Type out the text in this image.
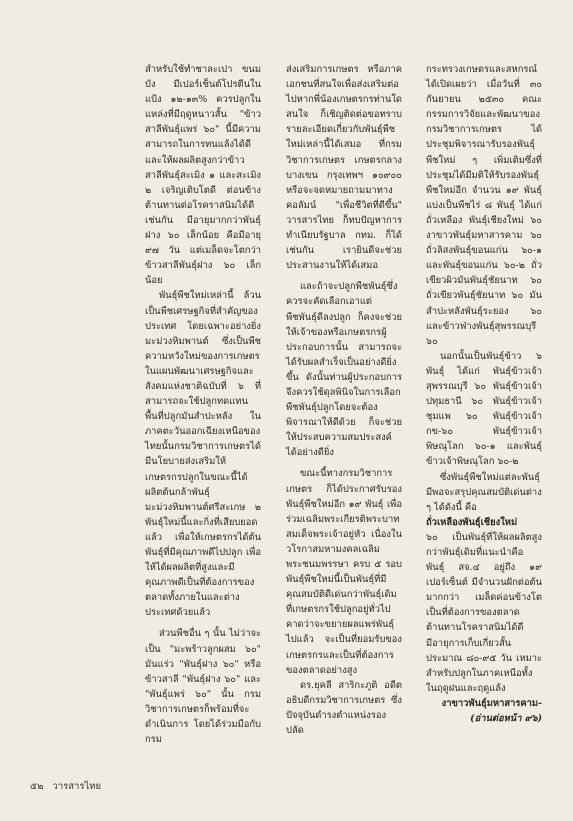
สำหรับใช้ทำชาละเปา ขนมบัง มีเปอร์เซ็นต์โปรตีนในแป้ง ๑๒-๑๓% ควรปลูกในแหล่งที่มีฤดูหนาวสั้น "ข้าวสาลีพันธุ์แพร่ ๖๐" นี้มีความสามารถในการทนแล้งได้ดี และให้ผลผลิตสูงกว่าข้าวสาลีพันธุ์สะเมิง ๑ และสะเมิง ๒ เจริญเติบโตดี ต่อนข้างต้านทานต่อโรคราสนิมได้ดีเช่นกัน มีอายุมากกว่าพันธุ์ฝาง ๖๐ เล็กน้อย คือมีอายุ ๙๗ วัน แต่เมล็ดจะโตกว่าข้าวสาลีพันธุ์ฝาง ๖๐ เล็กน้อย

พันธุ์พืชใหม่เหล่านี้ ล้วนเป็นพืชเศรษฐกิจที่สำคัญของประเทศ โดยเฉพาะอย่างยิ่งมะม่วงหิมพานต์ ซึ่งเป็นพืชความหวังใหม่ของการเกษตรในแผนพัฒนาเศรษฐกิจและสังคมแห่งชาติฉบับที่ ๖ ที่สามารถจะใช้ปลูกทดแทนพื้นที่ปลูกมันสำปะหลัง ในภาคตะวันออกเฉียงเหนือของไทยนั้นกรมวิชาการเกษตรได้มีนโยบายส่งเสริมให้เกษตรกรปลูกในขณะนี้ได้ผลิตต้นกล้าพันธุ์มะม่วงหิมพานต์ศรีสะเกษ ๒ พันธุ์ใหม่นี้และกิ่งที่เสียบยอดแล้ว เพื่อให้เกษตรกรได้ต้นพันธุ์ที่มีคุณภาพดีไปปลูก เพื่อให้ได้ผลผลิตที่สูงและมีคุณภาพดีเป็นที่ต้องการของตลาดทั้งภายในและต่างประเทศด้วยแล้ว

ส่วนพืชอื่น ๆ นั้น ไม่ว่าจะเป็น "มะพร้าวลูกผสม ๖๐" มันแร่ว "พันธุ์ฝาง ๖๐" หรือข้าวสาลี "พันธุ์ฝาง ๖๐" และ "พันธุ์แพร่ ๖๐" นั้น กรมวิชาการเกษตรก็พร้อมที่จะดำเนินการ โดยได้ร่วมมือกับกรม

ส่งเสริมการเกษตร หรือภาคเอกชนที่สนใจเพื่อส่งเสริมต่อไปหากพี่น้องเกษตรกรท่านใดสนใจ ก็เชิญติดต่อขอทราบรายละเอียดเกี่ยวกับพันธุ์พืชใหม่เหล่านี้ได้เสมอ ที่กรมวิชาการเกษตร เกษตรกลางบางเขน กรุงเทพฯ ๑๐๙๐๐ หรือจะจดหมายถามมาทางคอลัมน์ "เพื่อชีวิตที่ดีขึ้น" วารสารไทย ก็ทบปัญหาการทำเนียบรัฐบาล กทม. ก็ได้เช่นกัน เรายินดีจะช่วยประสานงานให้ได้เสมอ

และถ้าจะปลูกพืชพันธุ์ซึ่งควรจะคัดเลือกเอาแต่พืชพันธุ์ดีลงปลูก ก็คงจะช่วยให้เจ้าของหรือเกษตรกรผู้ประกอบการนั้น สามารถจะได้รับผลสำเร็จเป็นอย่างดียิ่งขึ้น ดังนั้นท่านผู้ประกอบการจึงควรใช้ดุลพินิจในการเลือกพืชพันธุ์ปลูกโดยจะต้องพิจารณาให้ดีด้วย ก็จะช่วยให้ประสบความสมประสงค์ได้อย่างดียิ่ง

ขณะนี้ทางกรมวิชาการเกษตร ก็ได้ประกาศรับรองพันธุ์พืชใหม่อีก ๑๙ พันธุ์ เพื่อร่วมเฉลิมพระเกียรติพระบาทสมเด็จพระเจ้าอยู่หัว เนื่องในวโรกาสมหามงคลเฉลิมพระชนมพรรษา ครบ ๕ รอบ พันธุ์พืชใหม่นี้เป็นพันธุ์ที่มีคุณสมบัติดีเด่นกว่าพันธุ์เดิมที่เกษตรกรใช้ปลูกอยู่ทั่วไป คาดว่าจะขยายผลแพร่พันธุ์ไปแล้ว จะเป็นที่ยอมรับของเกษตรกรและเป็นที่ต้องการของตลาดอย่างสูง

ดร.ยุคลี สาริกะภูติ อดีตอธิบดีกรมวิชาการเกษตร ซึ่งปัจจุบันดำรงตำแหน่งรองปลัด

กระทรวงเกษตรและสหกรณ์ได้เปิดเผยว่า เมื่อวันที่ ๓๐ กันยายน ๒๕๓๐ คณะกรรมการวิจัยและพัฒนาของกรมวิชาการเกษตร ได้ประชุมพิจารณารับรองพันธุ์พืชใหม่ ๆ เพิ่มเติมซึ่งที่ประชุมได้มีมติให้รับรองพันธุ์พืชใหม่อีก จำนวน ๑๙ พันธุ์ แบ่งเป็นพืชไร่ ๘ พันธุ์ ได้แก่ ถั่วเหลือง พันธุ์เชียงใหม่ ๖๐ งาขาวพันธุ์มหาสารคาม ๖๐ ถั่วลิสงพันธุ์ขอนแก่น ๖๐-๑ และพันธุ์ขอนแก่น ๖๐-๒ ถั่วเขียวผิวมันพันธุ์ชัยนาท ๖๐ ถั่วเขียวพันธุ์ชัยนาท ๖๐ มันสำปะหลังพันธุ์ระยอง ๖๐ และข้าวฟ่างพันธุ์สุพรรณบุรี ๖๐

นอกนั้นเป็นพันธุ์ข้าว ๖ พันธุ์ ได้แก่ พันธุ์ข้าวเจ้าสุพรรณบุรี ๖๐ พันธุ์ข้าวเจ้าปทุมธานี ๖๐ พันธุ์ข้าวเจ้าชุมแพ ๖๐ พันธุ์ข้าวเจ้ากข-๖๐ พันธุ์ข้าวเจ้าพิษณุโลก ๖๐-๑ และพันธุ์ข้าวเจ้าพิษณุโลก ๖๐-๒

ซึ่งพันธุ์พืชใหม่แต่ละพันธุ์มีพอจะสรุปคุณสมบัติเด่นต่าง ๆ ได้ดังนี้ คือ

ถั่วเหลืองพันธุ์เชียงใหม่

๖๐ เป็นพันธุ์ที่ให้ผลผลิตสูงกว่าพันธุ์เดิมที่แนะนำคือ พันธุ์ สจ.๔ อยู่ถึง ๑๙ เปอร์เซ็นต์ มีจำนวนฝักต่อต้นมากกว่า เมล็ดค่อนข้างโต เป็นที่ต้องการของตลาด ต้านทานโรคราสนิมได้ดี มีอายุการเก็บเกี่ยวสั้นประมาณ ๘๐-๙๕ วัน เหมาะสำหรับปลูกในภาคเหนือทั้งในฤดูฝนและฤดูแล้ง

งาขาวพันธุ์มหาสารคาม-

(อ่านต่อหน้า ๙๖)

๕๒ วารสารไทย
